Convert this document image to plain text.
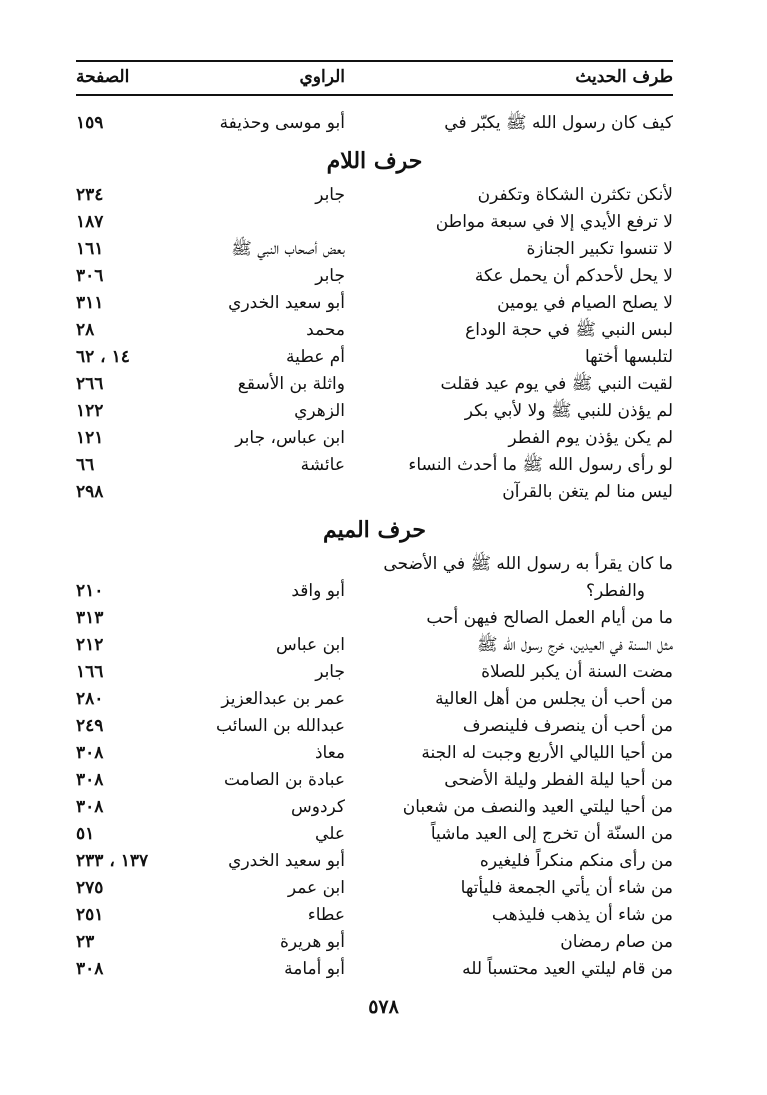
طرف الحديث
الراوي
الصفحة
كيف كان رسول الله ﷺ يكبّر في
أبو موسى وحذيفة
١٥٩
حرف اللام
لأنكن تكثرن الشكاة وتكفرن
جابر
٢٣٤
لا ترفع الأيدي إلا في سبعة مواطن
١٨٧
لا تنسوا تكبير الجنازة
بعض أصحاب النبي ﷺ
١٦١
لا يحل لأحدكم أن يحمل عكة
جابر
٣٠٦
لا يصلح الصيام في يومين
أبو سعيد الخدري
٣١١
لبس النبي ﷺ في حجة الوداع
محمد
٢٨
لتلبسها أختها
أم عطية
١٤ ، ٦٢
لقيت النبي ﷺ في يوم عيد فقلت
واثلة بن الأسقع
٢٦٦
لم يؤذن للنبي ﷺ ولا لأبي بكر
الزهري
١٢٢
لم يكن يؤذن يوم الفطر
ابن عباس، جابر
١٢١
لو رأى رسول الله ﷺ ما أحدث النساء
عائشة
٦٦
ليس منا لم يتغن بالقرآن
٢٩٨
حرف الميم
ما كان يقرأ به رسول الله ﷺ في الأضحى
والفطر؟
أبو واقد
٢١٠
ما من أيام العمل الصالح فيهن أحب
٣١٣
مثل السنة في العيدين، خرج رسول الله ﷺ
ابن عباس
٢١٢
مضت السنة أن يكبر للصلاة
جابر
١٦٦
من أحب أن يجلس من أهل العالية
عمر بن عبدالعزيز
٢٨٠
من أحب أن ينصرف فلينصرف
عبدالله بن السائب
٢٤٩
من أحيا الليالي الأربع وجبت له الجنة
معاذ
٣٠٨
من أحيا ليلة الفطر وليلة الأضحى
عبادة بن الصامت
٣٠٨
من أحيا ليلتي العيد والنصف من شعبان
كردوس
٣٠٨
من السنّة أن تخرج إلى العيد ماشياً
علي
٥١
من رأى منكم منكراً فليغيره
أبو سعيد الخدري
١٣٧ ، ٢٣٣
من شاء أن يأتي الجمعة فليأتها
ابن عمر
٢٧٥
من شاء أن يذهب فليذهب
عطاء
٢٥١
من صام رمضان
أبو هريرة
٢٣
من قام ليلتي العيد محتسباً لله
أبو أمامة
٣٠٨
٥٧٨
